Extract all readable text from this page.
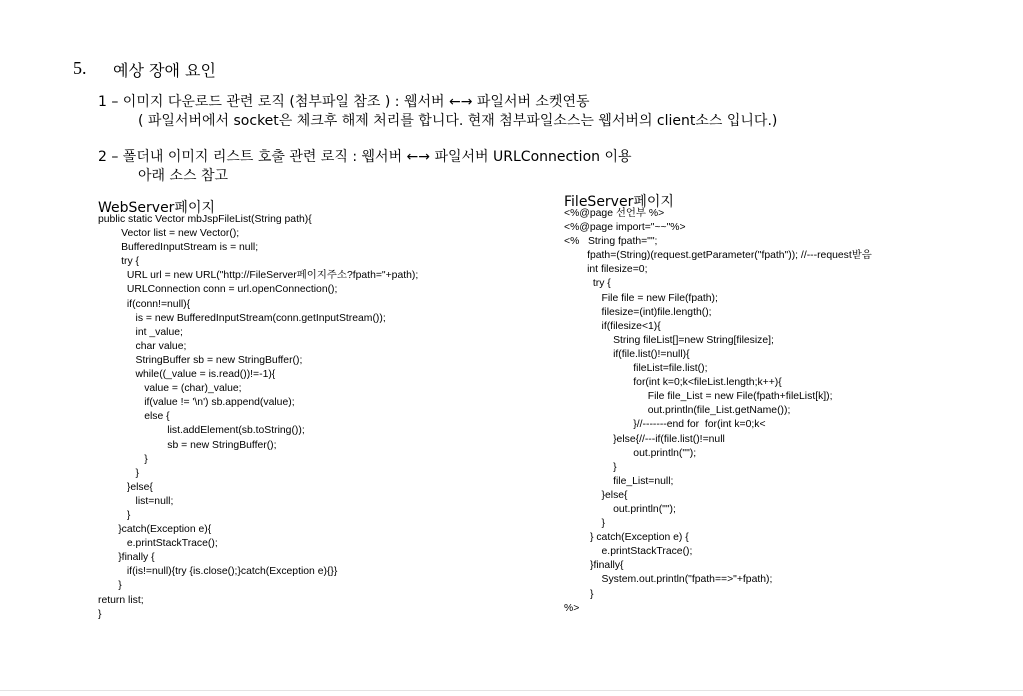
5. 예상 장애 요인
1 – 이미지 다운로드 관련 로직 (첨부파일 참조 ) : 웹서버 ←→ 파일서버 소켓연동
( 파일서버에서 socket은 체크후 해제 처리를 합니다. 현재 첨부파일소스는 웹서버의 client소스 입니다.)
2 – 폴더내 이미지 리스트 호출 관련 로직 : 웹서버 ←→ 파일서버 URLConnection 이용
아래 소스 참고
WebServer페이지
public static Vector mbJspFileList(String path){
Vector list = new Vector();
BufferedInputStream is = null;
try {
URL url = new URL("http://FileServer페이지주소?fpath="+path);
URLConnection conn = url.openConnection();
if(conn!=null){
is = new BufferedInputStream(conn.getInputStream());
int _value;
char value;
StringBuffer sb = new StringBuffer();
while((_value = is.read())!=-1){
value = (char)_value;
if(value != '\n') sb.append(value);
else {
list.addElement(sb.toString());
sb = new StringBuffer();
}
}
}else{
list=null;
}
}catch(Exception e){
e.printStackTrace();
}finally {
if(is!=null){try {is.close();}catch(Exception e){}}
}
return list;
}
FileServer페이지
<%@page 선언부 %>
<%@page import="~~"%>
<%   String fpath="";
fpath=(String)(request.getParameter("fpath")); //---request받음
int filesize=0;
try {
File file = new File(fpath);
filesize=(int)file.length();
if(filesize<1){
String fileList[]=new String[filesize];
if(file.list()!=null){
fileList=file.list();
for(int k=0;k<fileList.length;k++){
File file_List = new File(fpath+fileList[k]);
out.println(file_List.getName());
}//-------end for  for(int k=0;k<
}else{//---if(file.list()!=null
out.println("");
}
file_List=null;
}else{
out.println("");
}
} catch(Exception e) {
e.printStackTrace();
}finally{
System.out.println("fpath==>"+fpath);
}
%>
